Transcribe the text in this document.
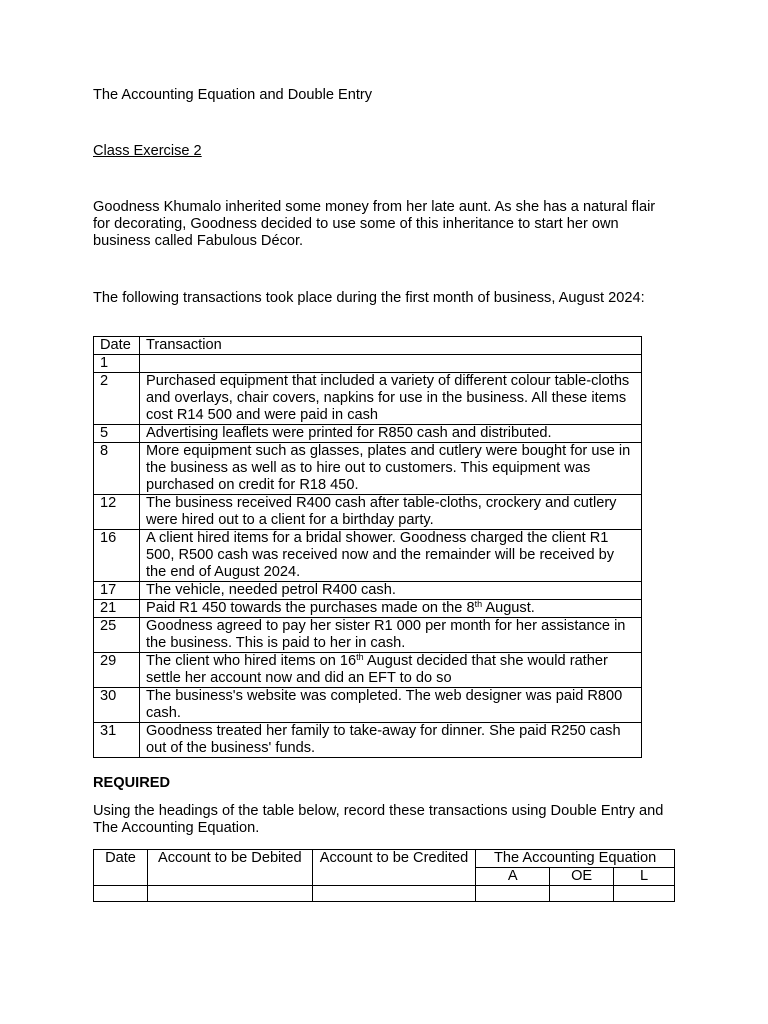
The Accounting Equation and Double Entry
Class Exercise 2
Goodness Khumalo inherited some money from her late aunt. As she has a natural flair for decorating, Goodness decided to use some of this inheritance to start her own business called Fabulous Décor.
The following transactions took place during the first month of business, August 2024:
Date	Transaction
1	
2	Purchased equipment that included a variety of different colour table-cloths and overlays, chair covers, napkins for use in the business. All these items cost R14 500 and were paid in cash
5	Advertising leaflets were printed for R850 cash and distributed.
8	More equipment such as glasses, plates and cutlery were bought for use in the business as well as to hire out to customers. This equipment was purchased on credit for R18 450.
12	The business received R400 cash after table-cloths, crockery and cutlery were hired out to a client for a birthday party.
16	A client hired items for a bridal shower. Goodness charged the client R1 500, R500 cash was received now and the remainder will be received by the end of August 2024.
17	The vehicle, needed petrol R400 cash.
21	Paid R1 450 towards the purchases made on the 8th August.
25	Goodness agreed to pay her sister R1 000 per month for her assistance in the business. This is paid to her in cash.
29	The client who hired items on 16th August decided that she would rather settle her account now and did an EFT to do so
30	The business's website was completed. The web designer was paid R800 cash.
31	Goodness treated her family to take-away for dinner. She paid R250 cash out of the business' funds.
REQUIRED
Using the headings of the table below, record these transactions using Double Entry and The Accounting Equation.
Date	Account to be Debited	Account to be Credited	The Accounting Equation		
			A	OE	L
